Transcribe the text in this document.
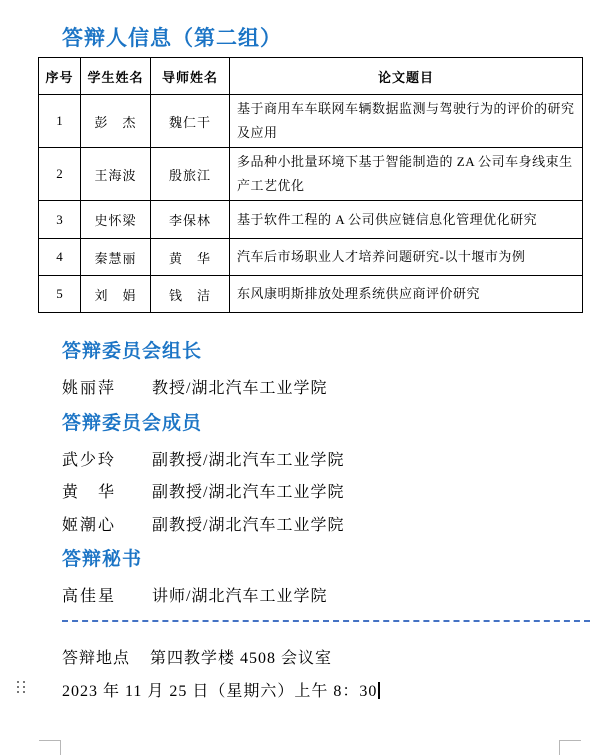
答辩人信息（第二组）
序号	学生姓名	导师姓名	论文题目
1	彭　杰	魏仁干	基于商用车车联网车辆数据监测与驾驶行为的评价的研究及应用
2	王海波	殷旅江	多品种小批量环境下基于智能制造的 ZA 公司车身线束生产工艺优化
3	史怀梁	李保林	基于软件工程的 A 公司供应链信息化管理优化研究
4	秦慧丽	黄　华	汽车后市场职业人才培养问题研究-以十堰市为例
5	刘　娟	钱　洁	东风康明斯排放处理系统供应商评价研究
答辩委员会组长
姚丽萍 教授/湖北汽车工业学院
答辩委员会成员
武少玲 副教授/湖北汽车工业学院
黄　华 副教授/湖北汽车工业学院
姬潮心 副教授/湖北汽车工业学院
答辩秘书
高佳星 讲师/湖北汽车工业学院
答辩地点 第四教学楼 4508 会议室
2023 年 11 月 25 日（星期六）上午 8：30
